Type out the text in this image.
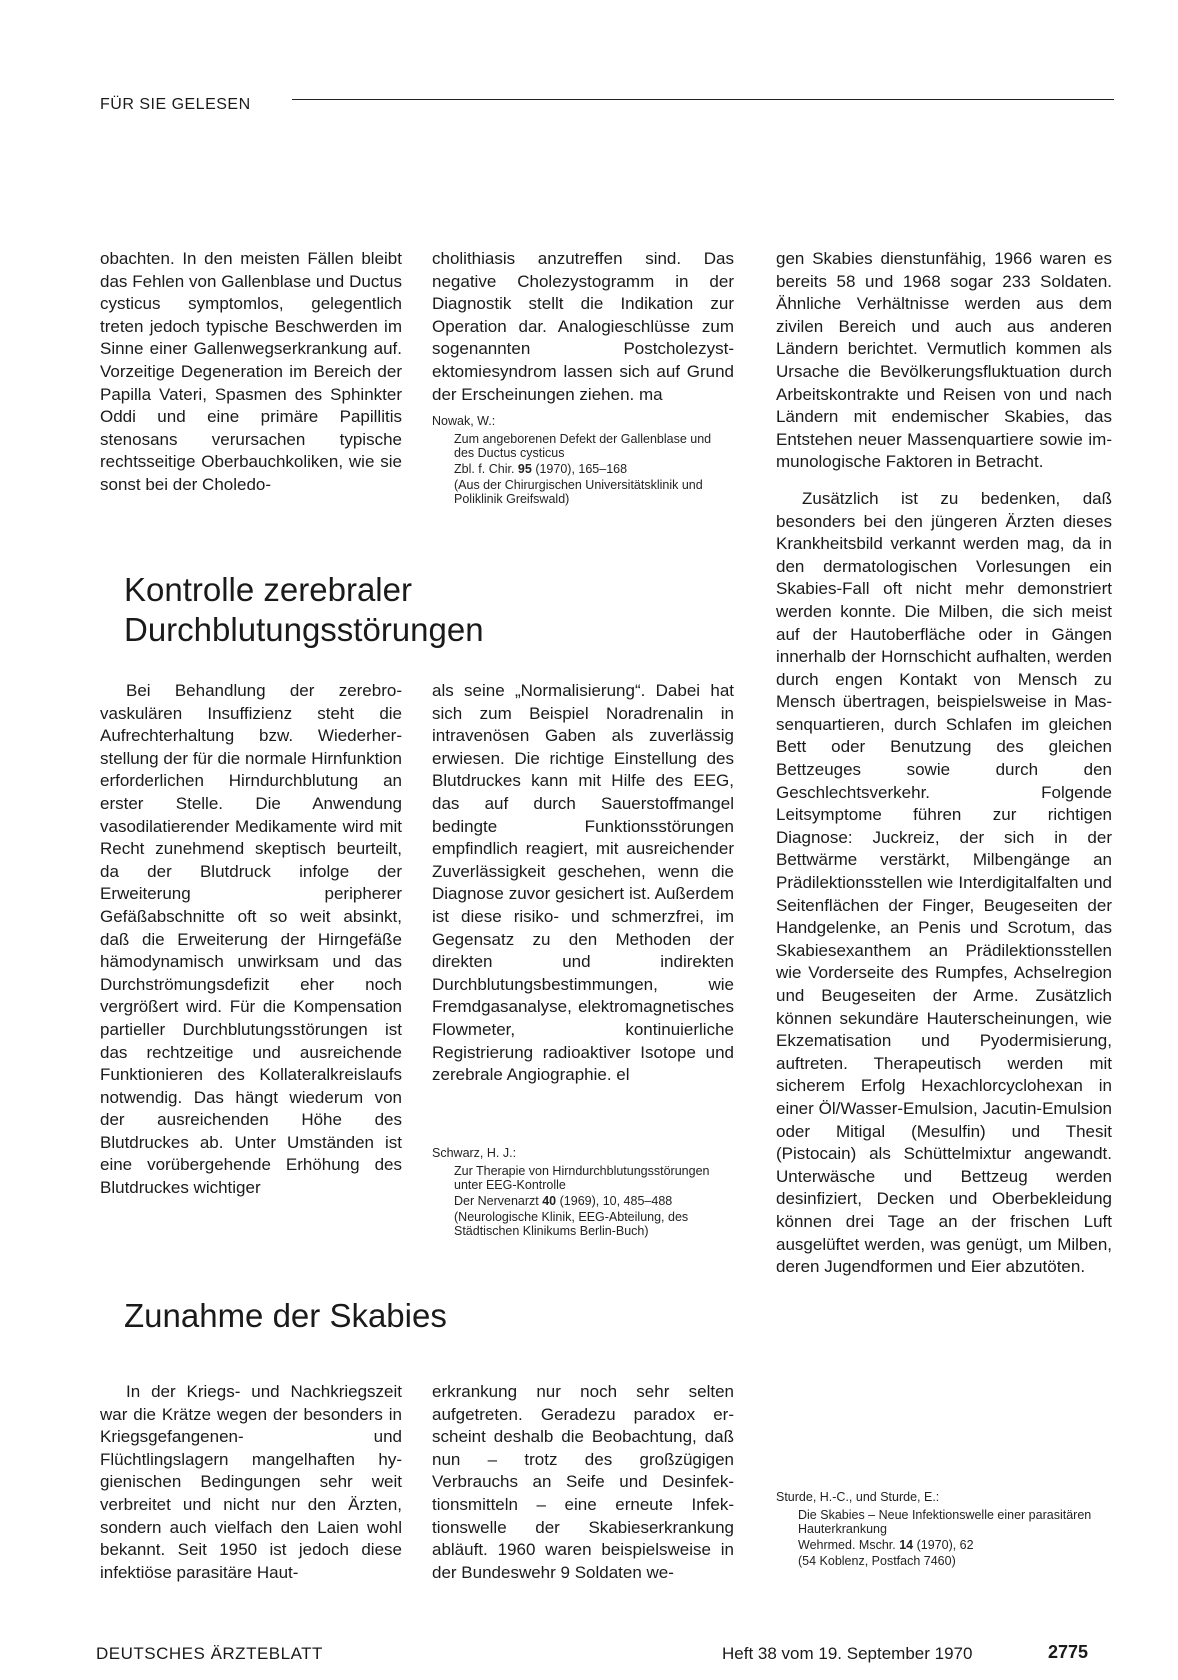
FÜR SIE GELESEN

obachten. In den meisten Fällen bleibt das Fehlen von Gallenblase und Ductus cysticus symptomlos, gelegentlich treten jedoch typische Beschwerden im Sinne einer Gallenwegserkrankung auf. Vorzeitige Degeneration im Bereich der Papilla Vateri, Spasmen des Sphinkter Oddi und eine primäre Papillitis stenosans verursachen typische rechtsseitige Oberbauchkoliken, wie sie sonst bei der Choledo-

cholithiasis anzutreffen sind. Das negative Cholezystogramm in der Diagnostik stellt die Indikation zur Operation dar. Analogieschlüsse zum sogenannten Postcholezystektomiesyndrom lassen sich auf Grund der Erscheinungen ziehen. ma

Nowak, W.:
Zum angeborenen Defekt der Gallenblase und des Ductus cysticus
Zbl. f. Chir. 95 (1970), 165–168
(Aus der Chirurgischen Universitätsklinik und Poliklinik Greifswald)
Kontrolle zerebraler
Durchblutungsstörungen

Bei Behandlung der zerebrovaskulären Insuffizienz steht die Aufrechterhaltung bzw. Wiederherstellung der für die normale Hirnfunktion erforderlichen Hirndurchblutung an erster Stelle. Die Anwendung vasodilatierender Medikamente wird mit Recht zunehmend skeptisch beurteilt, da der Blutdruck infolge der Erweiterung peripherer Gefäßabschnitte oft so weit absinkt, daß die Erweiterung der Hirngefäße hämodynamisch unwirksam und das Durchströmungsdefizit eher noch vergrößert wird. Für die Kompensation partieller Durchblutungsstörungen ist das rechtzeitige und ausreichende Funktionieren des Kollateralkreislaufs notwendig. Das hängt wiederum von der ausreichenden Höhe des Blutdruckes ab. Unter Umständen ist eine vorübergehende Erhöhung des Blutdruckes wichtiger

als seine „Normalisierung“. Dabei hat sich zum Beispiel Noradrenalin in intravenösen Gaben als zuverlässig erwiesen. Die richtige Einstellung des Blutdruckes kann mit Hilfe des EEG, das auf durch Sauerstoffmangel bedingte Funktionsstörungen empfindlich reagiert, mit ausreichender Zuverlässigkeit geschehen, wenn die Diagnose zuvor gesichert ist. Außerdem ist diese risiko- und schmerzfrei, im Gegensatz zu den Methoden der direkten und indirekten Durchblutungsbestimmungen, wie Fremdgasanalyse, elektromagnetisches Flowmeter, kontinuierliche Registrierung radioaktiver Isotope und zerebrale Angiographie. el

Schwarz, H. J.:
Zur Therapie von Hirndurchblutungsstörungen unter EEG-Kontrolle
Der Nervenarzt 40 (1969), 10, 485–488
(Neurologische Klinik, EEG-Abteilung, des Städtischen Klinikums Berlin-Buch)
Zunahme der Skabies

In der Kriegs- und Nachkriegszeit war die Krätze wegen der besonders in Kriegsgefangenen- und Flüchtlingslagern mangelhaften hygienischen Bedingungen sehr weit verbreitet und nicht nur den Ärzten, sondern auch vielfach den Laien wohl bekannt. Seit 1950 ist jedoch diese infektiöse parasitäre Haut-

erkrankung nur noch sehr selten aufgetreten. Geradezu paradox erscheint deshalb die Beobachtung, daß nun – trotz des großzügigen Verbrauchs an Seife und Desinfektionsmitteln – eine erneute Infektionswelle der Skabieserkrankung abläuft. 1960 waren beispielsweise in der Bundeswehr 9 Soldaten we-

gen Skabies dienstunfähig, 1966 waren es bereits 58 und 1968 sogar 233 Soldaten. Ähnliche Verhältnisse werden aus dem zivilen Bereich und auch aus anderen Ländern berichtet. Vermutlich kommen als Ursache die Bevölkerungsfluktuation durch Arbeitskontrakte und Reisen von und nach Ländern mit endemischer Skabies, das Entstehen neuer Massenquartiere sowie immunologische Faktoren in Betracht.

Zusätzlich ist zu bedenken, daß besonders bei den jüngeren Ärzten dieses Krankheitsbild verkannt werden mag, da in den dermatologischen Vorlesungen ein Skabies-Fall oft nicht mehr demonstriert werden konnte. Die Milben, die sich meist auf der Hautoberfläche oder in Gängen innerhalb der Hornschicht aufhalten, werden durch engen Kontakt von Mensch zu Mensch übertragen, beispielsweise in Massenquartieren, durch Schlafen im gleichen Bett oder Benutzung des gleichen Bettzeuges sowie durch den Geschlechtsverkehr. Folgende Leitsymptome führen zur richtigen Diagnose: Juckreiz, der sich in der Bettwärme verstärkt, Milbengänge an Prädilektionsstellen wie Interdigitalfalten und Seitenflächen der Finger, Beugeseiten der Handgelenke, an Penis und Scrotum, das Skabiesexanthem an Prädilektionsstellen wie Vorderseite des Rumpfes, Achselregion und Beugeseiten der Arme. Zusätzlich können sekundäre Hauterscheinungen, wie Ekzematisation und Pyodermisierung, auftreten. Therapeutisch werden mit sicherem Erfolg Hexachlorcyclohexan in einer Öl/Wasser-Emulsion, Jacutin-Emulsion oder Mitigal (Mesulfin) und Thesit (Pistocain) als Schüttelmixtur angewandt. Unterwäsche und Bettzeug werden desinfiziert, Decken und Oberbekleidung können drei Tage an der frischen Luft ausgelüftet werden, was genügt, um Milben, deren Jugendformen und Eier abzutöten.

Sturde, H.-C., und Sturde, E.:
Die Skabies – Neue Infektionswelle einer parasitären Hauterkrankung
Wehrmed. Mschr. 14 (1970), 62
(54 Koblenz, Postfach 7460)
DEUTSCHES ÄRZTEBLATT	Heft 38 vom 19. September 1970	2775
